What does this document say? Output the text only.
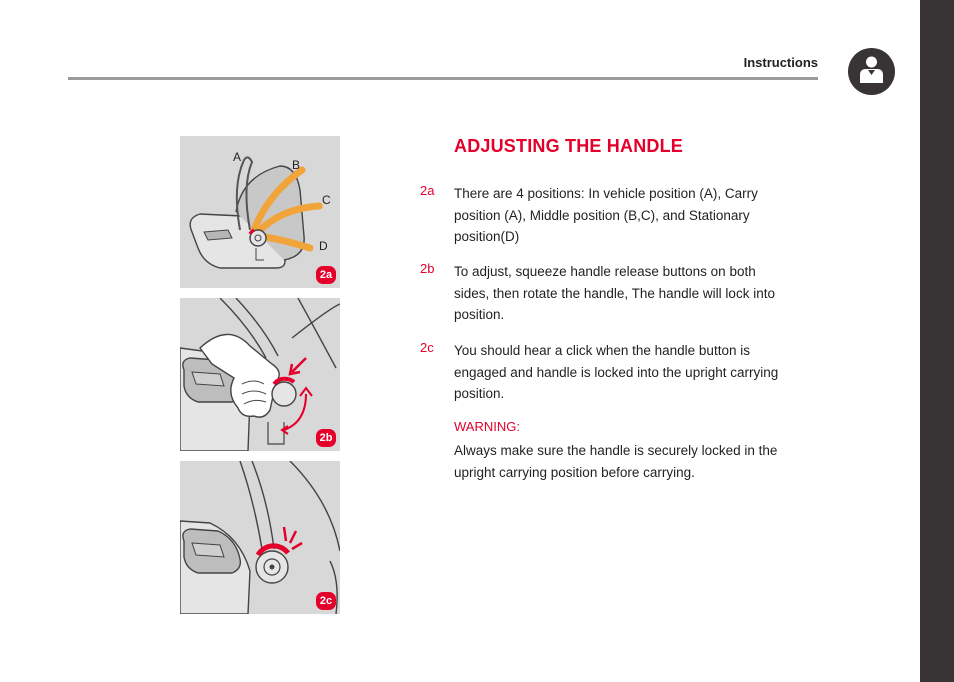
Instructions
A
B
C
D
2a
2b
2c
ADJUSTING THE HANDLE
2a There are 4 positions: In vehicle position (A), Carry position (A), Middle position (B,C), and Stationary position(D)
2b To adjust, squeeze handle release buttons on both sides, then rotate the handle, The handle will lock into position.
2c You should hear a click when the handle button is engaged and handle is locked into the upright carrying position.
WARNING:
Always make sure the handle is securely locked in the upright carrying position before carrying.
